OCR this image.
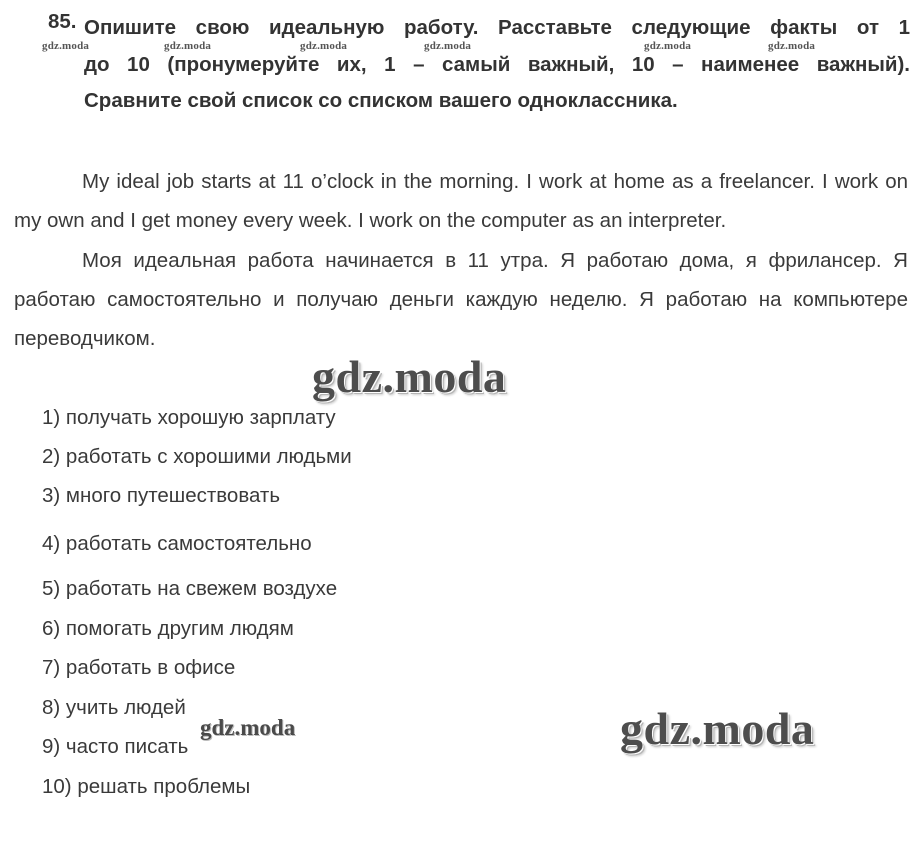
gdz.moda	gdz.moda	gdz.moda	gdz.moda	gdz.moda	gdz.moda
85. Опишите свою идеальную работу. Расставьте следующие факты от 1
до 10 (пронумеруйте их, 1 – самый важный, 10 – наименее важный).
Сравните свой список со списком вашего одноклассника.

My ideal job starts at 11 o’clock in the morning. I work at home as a freelancer. I work on my own and I get money every week. I work on the computer as an interpreter.

Моя идеальная работа начинается в 11 утра. Я работаю дома, я фрилансер. Я работаю самостоятельно и получаю деньги каждую неделю. Я работаю на компьютере переводчиком.

gdz.moda
1) получать хорошую зарплату
2) работать с хорошими людьми
3) много путешествовать
4) работать самостоятельно
5) работать на свежем воздухе
6) помогать другим людям
7) работать в офисе
8) учить людей
9) часто писать
10) решать проблемы
gdz.moda	gdz.moda
